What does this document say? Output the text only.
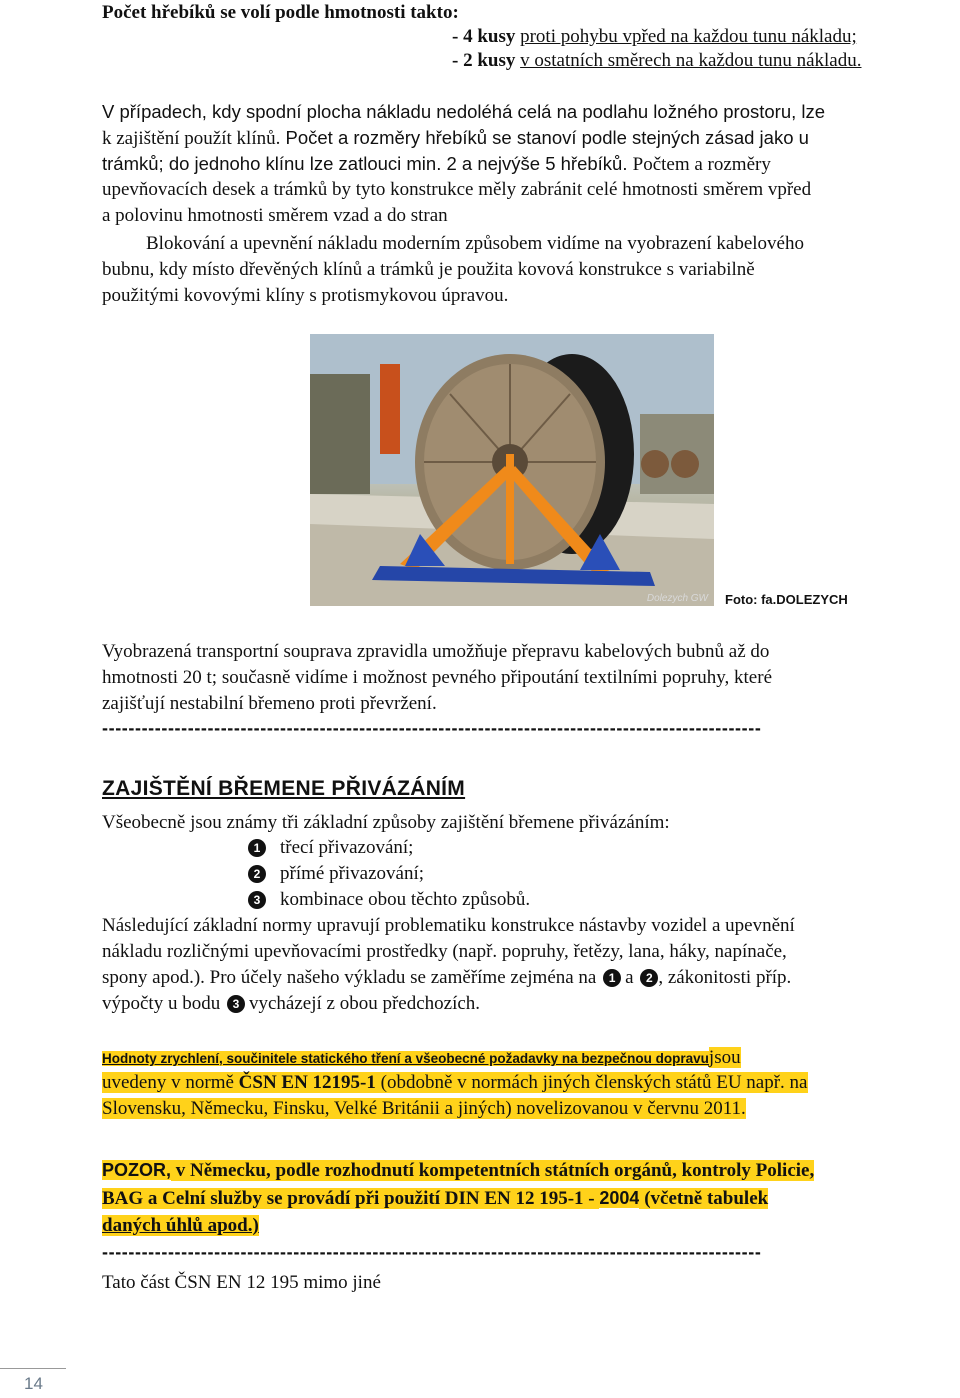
Počet hřebíků se volí podle hmotnosti takto:
- 4 kusy proti pohybu vpřed na každou tunu nákladu;
- 2 kusy v ostatních směrech na každou tunu nákladu.
V případech, kdy spodní plocha nákladu nedoléhá celá na podlahu ložného prostoru, lze
k zajištění použít klínů. Počet a rozměry hřebíků se stanoví podle stejných zásad jako u
trámků; do jednoho klínu lze zatlouci min. 2 a nejvýše 5 hřebíků. Počtem a rozměry
upevňovacích desek a trámků by tyto konstrukce měly zabránit celé hmotnosti směrem vpřed
a polovinu hmotnosti směrem vzad a do stran
Blokování a upevnění nákladu moderním způsobem vidíme na vyobrazení kabelového
bubnu, kdy místo dřevěných klínů a trámků je použita kovová konstrukce s variabilně
použitými kovovými klíny s protismykovou úpravou.
Dolezych GW Foto: fa.DOLEZYCH
Vyobrazená transportní souprava zpravidla umožňuje přepravu kabelových bubnů až do
hmotnosti 20 t; současně vidíme i možnost pevného připoutání textilními popruhy, které
zajišťují nestabilní břemeno proti převržení.
----------------------------------------------------------------------------------------------------
ZAJIŠTĚNÍ BŘEMENE PŘIVÁZÁNÍM
Všeobecně jsou známy tři základní způsoby zajištění břemene přivázáním:
1 třecí přivazování;
2 přímé přivazování;
3 kombinace obou těchto způsobů.
Následující základní normy upravují problematiku konstrukce nástavby vozidel a upevnění
nákladu rozličnými upevňovacími prostředky (např. popruhy, řetězy, lana, háky, napínače,
spony apod.). Pro účely našeho výkladu se zaměříme zejména na 1 a 2 , zákonitosti příp.
výpočty u bodu 3 vycházejí z obou předchozích.
Hodnoty zrychlení, součinitele statického tření a všeobecné požadavky na bezpečnou dopravujsou
uvedeny v normě ČSN EN 12195-1 (obdobně v normách jiných členských států EU např. na
Slovensku, Německu, Finsku, Velké Británii a jiných) novelizovanou v červnu 2011.
POZOR, v Německu, podle rozhodnutí kompetentních státních orgánů, kontroly Policie,
BAG a Celní služby se provádí při použití DIN EN 12 195-1 - 2004 (včetně tabulek
daných úhlů apod.)
----------------------------------------------------------------------------------------------------
Tato část ČSN EN 12 195 mimo jiné
14
